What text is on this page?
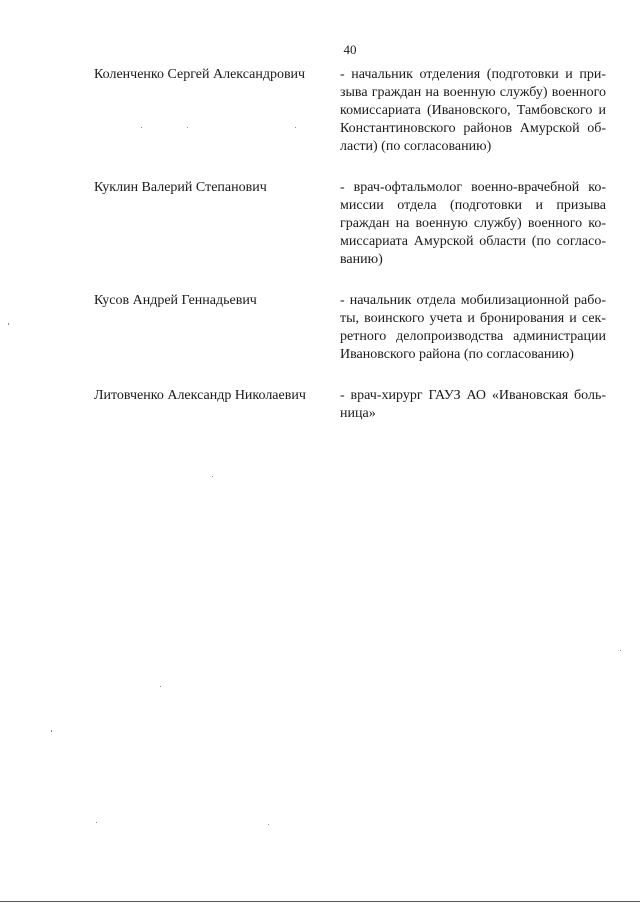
40
Коленченко Сергей Александрович	- начальник отделения (подготовки и при-
зыва граждан на военную службу) военного
комиссариата (Ивановского, Тамбовского и
Константиновского районов Амурской об-
ласти) (по согласованию)
Куклин Валерий Степанович	- врач-офтальмолог военно-врачебной ко-
миссии отдела (подготовки и призыва
граждан на военную службу) военного ко-
миссариата Амурской области (по согласо-
ванию)
Кусов Андрей Геннадьевич	- начальник отдела мобилизационной рабо-
ты, воинского учета и бронирования и сек-
ретного делопроизводства администрации
Ивановского района (по согласованию)
Литовченко Александр Николаевич	- врач-хирург ГАУЗ АО «Ивановская боль-
ница»
